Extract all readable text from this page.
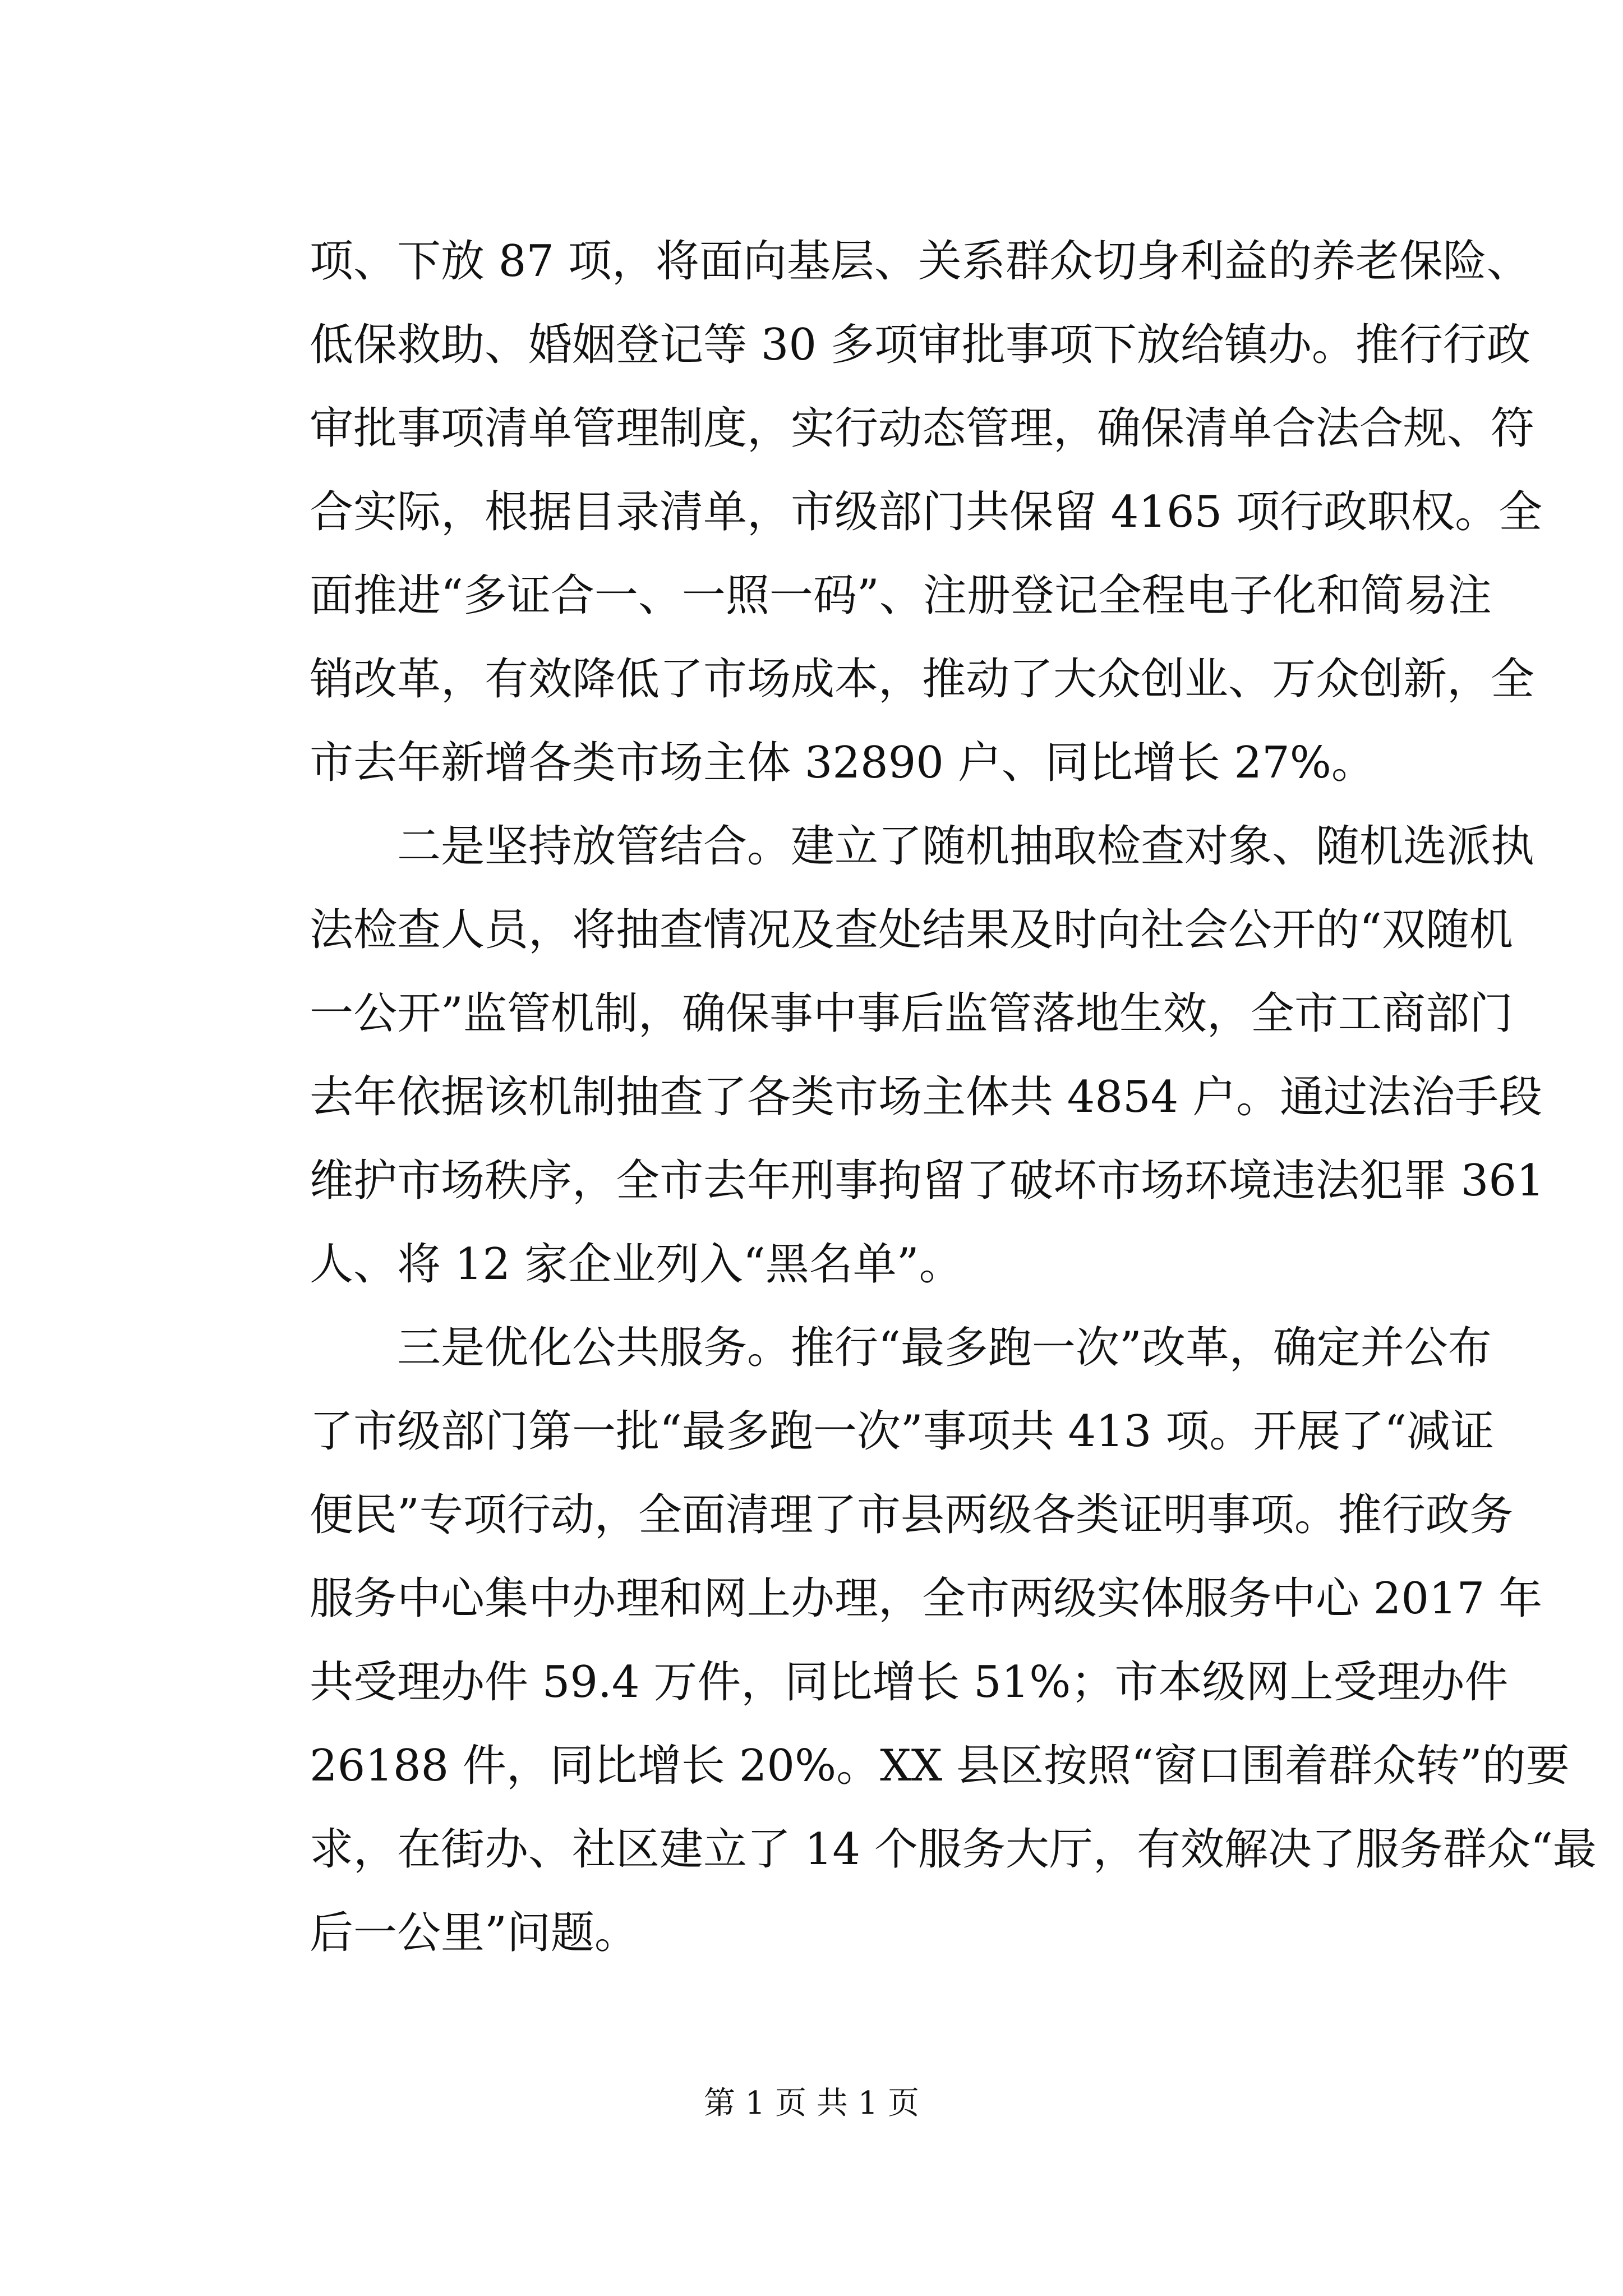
项、下放 87 项，将面向基层、关系群众切身利益的养老保险、
低保救助、婚姻登记等 30 多项审批事项下放给镇办。推行行政
审批事项清单管理制度，实行动态管理，确保清单合法合规、符
合实际，根据目录清单，市级部门共保留 4165 项行政职权。全
面推进“多证合一、一照一码”、注册登记全程电子化和简易注
销改革，有效降低了市场成本，推动了大众创业、万众创新，全
市去年新增各类市场主体 32890 户、同比增长 27%。
二是坚持放管结合。建立了随机抽取检查对象、随机选派执
法检查人员，将抽查情况及查处结果及时向社会公开的“双随机
一公开”监管机制，确保事中事后监管落地生效，全市工商部门
去年依据该机制抽查了各类市场主体共 4854 户。通过法治手段
维护市场秩序，全市去年刑事拘留了破坏市场环境违法犯罪 361
人、将 12 家企业列入“黑名单”。
三是优化公共服务。推行“最多跑一次”改革，确定并公布
了市级部门第一批“最多跑一次”事项共 413 项。开展了“减证
便民”专项行动，全面清理了市县两级各类证明事项。推行政务
服务中心集中办理和网上办理，全市两级实体服务中心 2017 年
共受理办件 59.4 万件，同比增长 51%；市本级网上受理办件
26188 件，同比增长 20%。XX 县区按照“窗口围着群众转”的要
求，在街办、社区建立了 14 个服务大厅，有效解决了服务群众“最
后一公里”问题。
第 1 页 共 1 页
